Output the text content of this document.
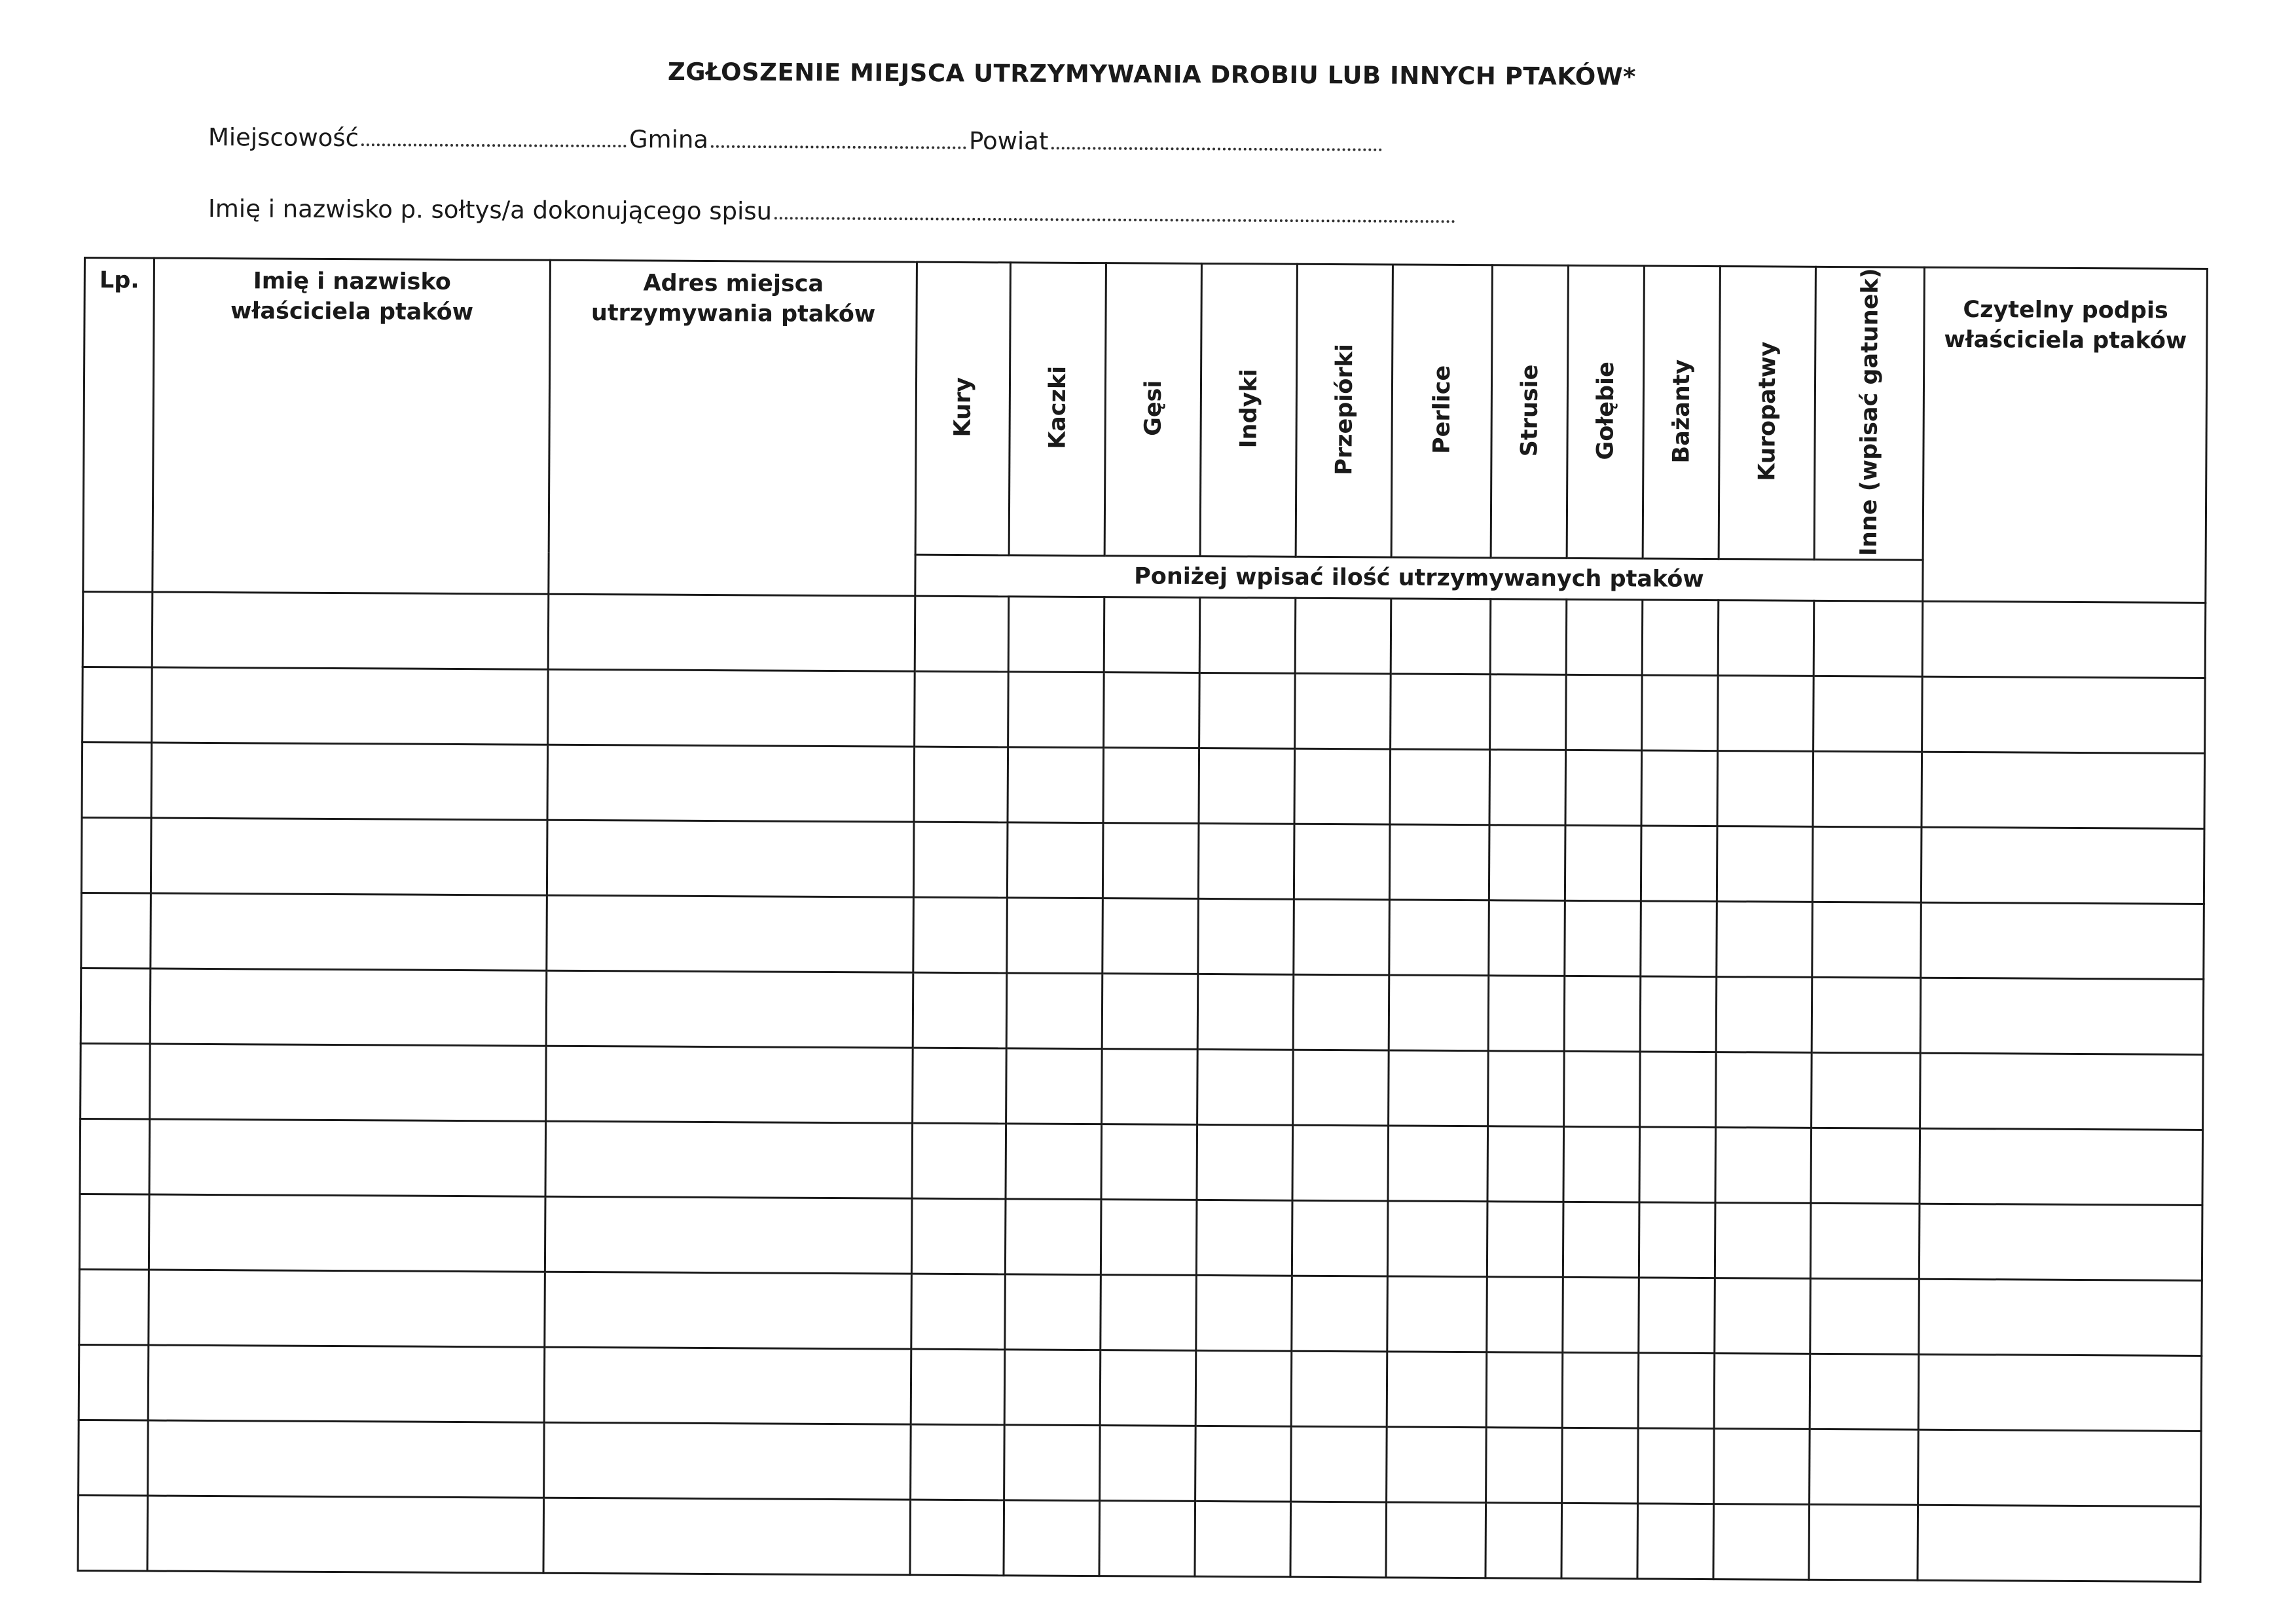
ZGŁOSZENIE MIEJSCA UTRZYMYWANIA DROBIU LUB INNYCH PTAKÓW*
Miejscowość	Gmina	Powiat
Imię i nazwisko p. sołtys/a dokonującego spisu
Lp.	Imię i nazwisko właściciela ptaków	Adres miejsca utrzymywania ptaków	Kury	Kaczki	Gęsi	Indyki	Przepiórki	Perlice	Strusie	Gołębie	Bażanty	Kuropatwy	Inne (wpisać gatunek)	Czytelny podpis właściciela ptaków
			Poniżej wpisać ilość utrzymywanych ptaków											
